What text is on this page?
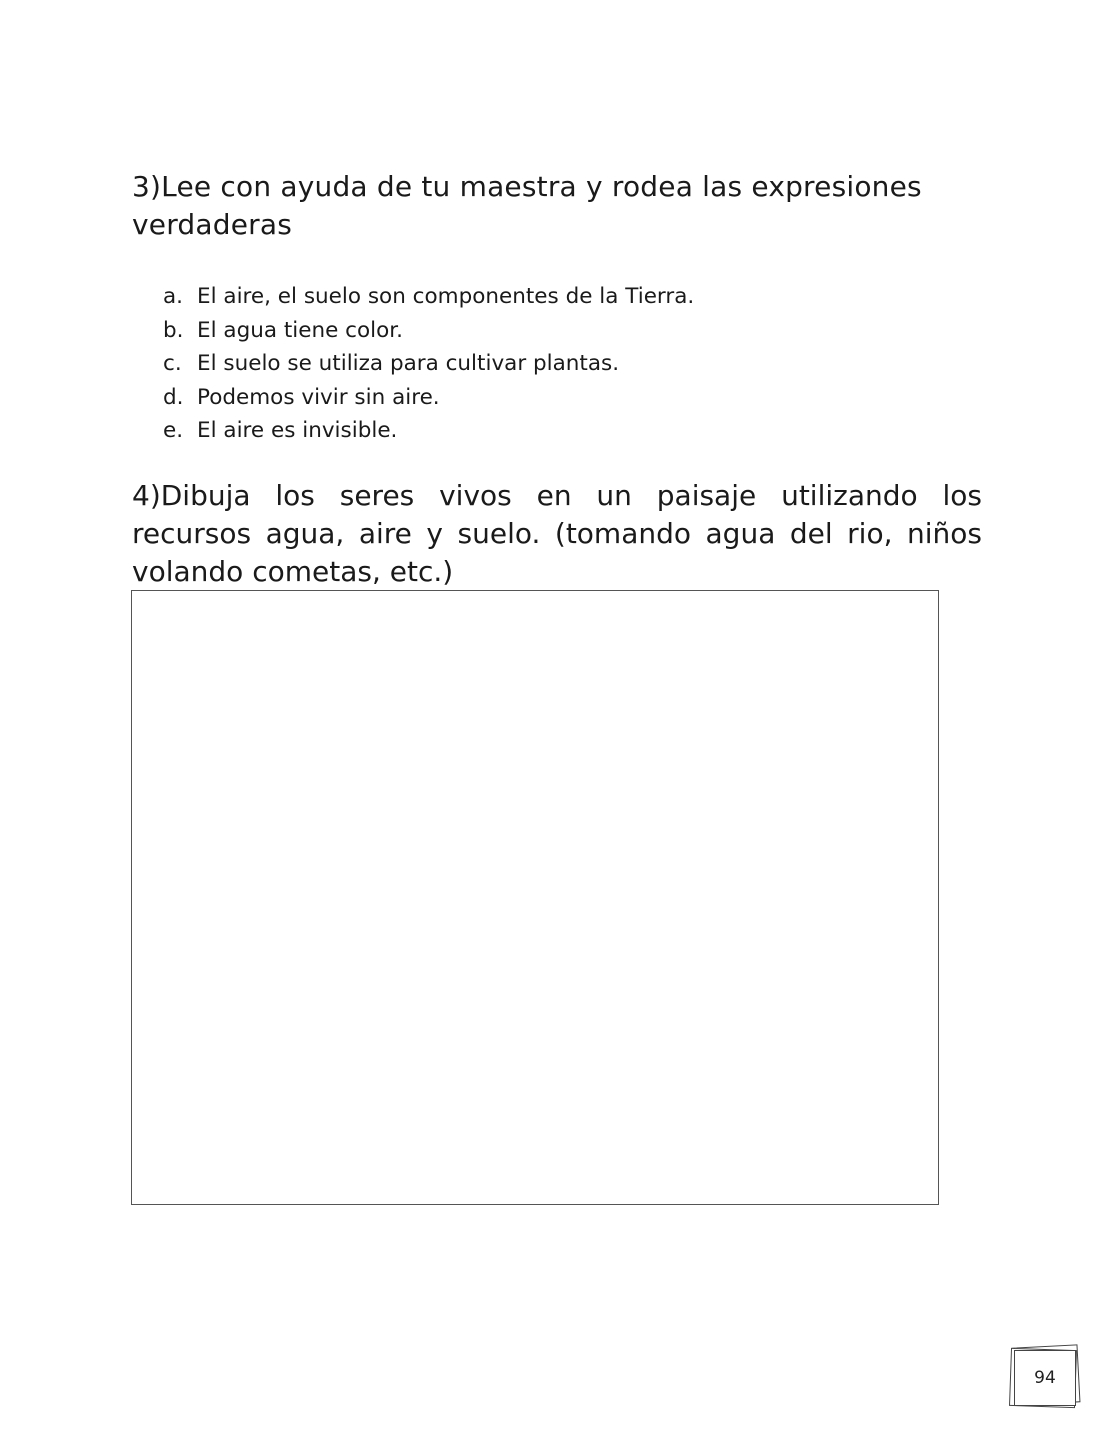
3)Lee con ayuda de tu maestra y rodea las expresiones verdaderas
a. El aire, el suelo son componentes de la Tierra.
b. El agua tiene color.
c. El suelo se utiliza para cultivar plantas.
d. Podemos vivir sin aire.
e. El aire es invisible.
4)Dibuja los seres vivos en un paisaje utilizando los recursos agua, aire y suelo. (tomando agua del rio, niños volando cometas, etc.)
94
